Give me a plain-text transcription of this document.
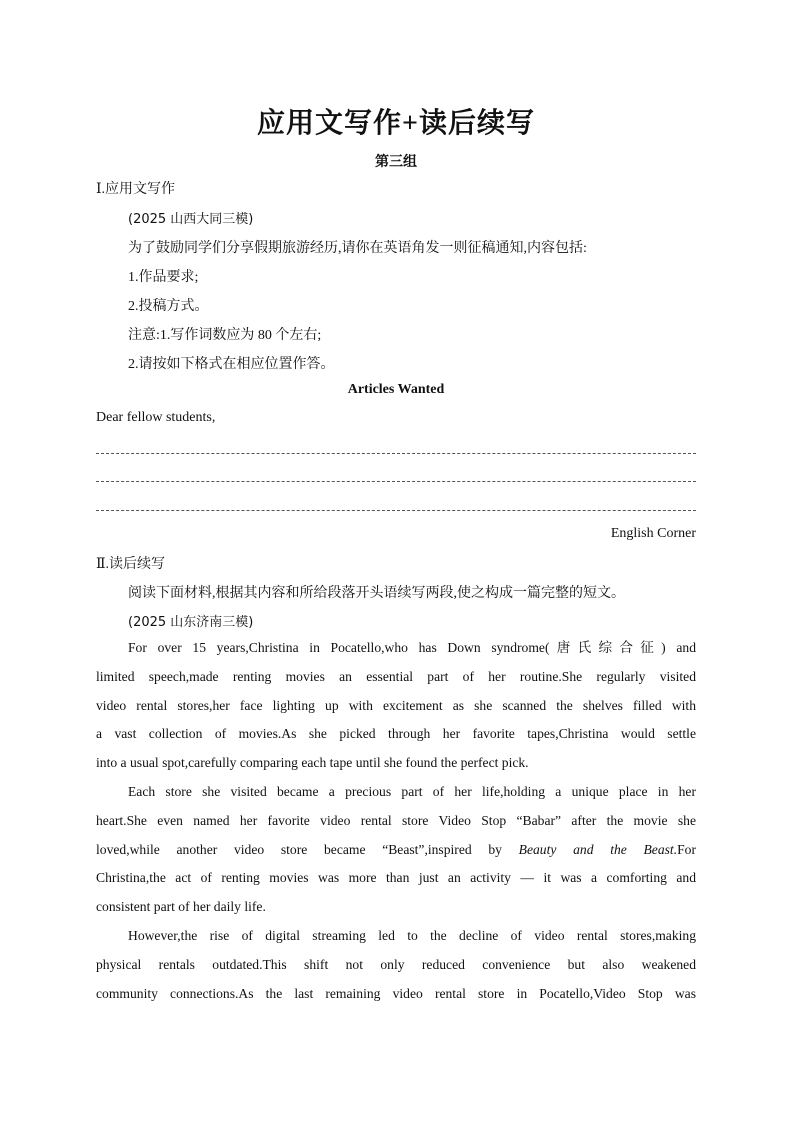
应用文写作+读后续写
第三组
Ⅰ.应用文写作
(2025 山西大同三模)
为了鼓励同学们分享假期旅游经历,请你在英语角发一则征稿通知,内容包括:
1.作品要求;
2.投稿方式。
注意:1.写作词数应为 80 个左右;
2.请按如下格式在相应位置作答。
Articles Wanted
Dear fellow students,
English Corner
Ⅱ.读后续写
阅读下面材料,根据其内容和所给段落开头语续写两段,使之构成一篇完整的短文。
(2025 山东济南三模)
For over 15 years,Christina in Pocatello,who has Down syndrome(唐氏综合征) and
limited speech,made renting movies an essential part of her routine.She regularly visited
video rental stores,her face lighting up with excitement as she scanned the shelves filled with
a vast collection of movies.As she picked through her favorite tapes,Christina would settle
into a usual spot,carefully comparing each tape until she found the perfect pick.
Each store she visited became a precious part of her life,holding a unique place in her
heart.She even named her favorite video rental store Video Stop “Babar” after the movie she
loved,while another video store became “Beast”,inspired by Beauty and the Beast.For
Christina,the act of renting movies was more than just an activity — it was a comforting and
consistent part of her daily life.
However,the rise of digital streaming led to the decline of video rental stores,making
physical rentals outdated.This shift not only reduced convenience but also weakened
community connections.As the last remaining video rental store in Pocatello,Video Stop was
